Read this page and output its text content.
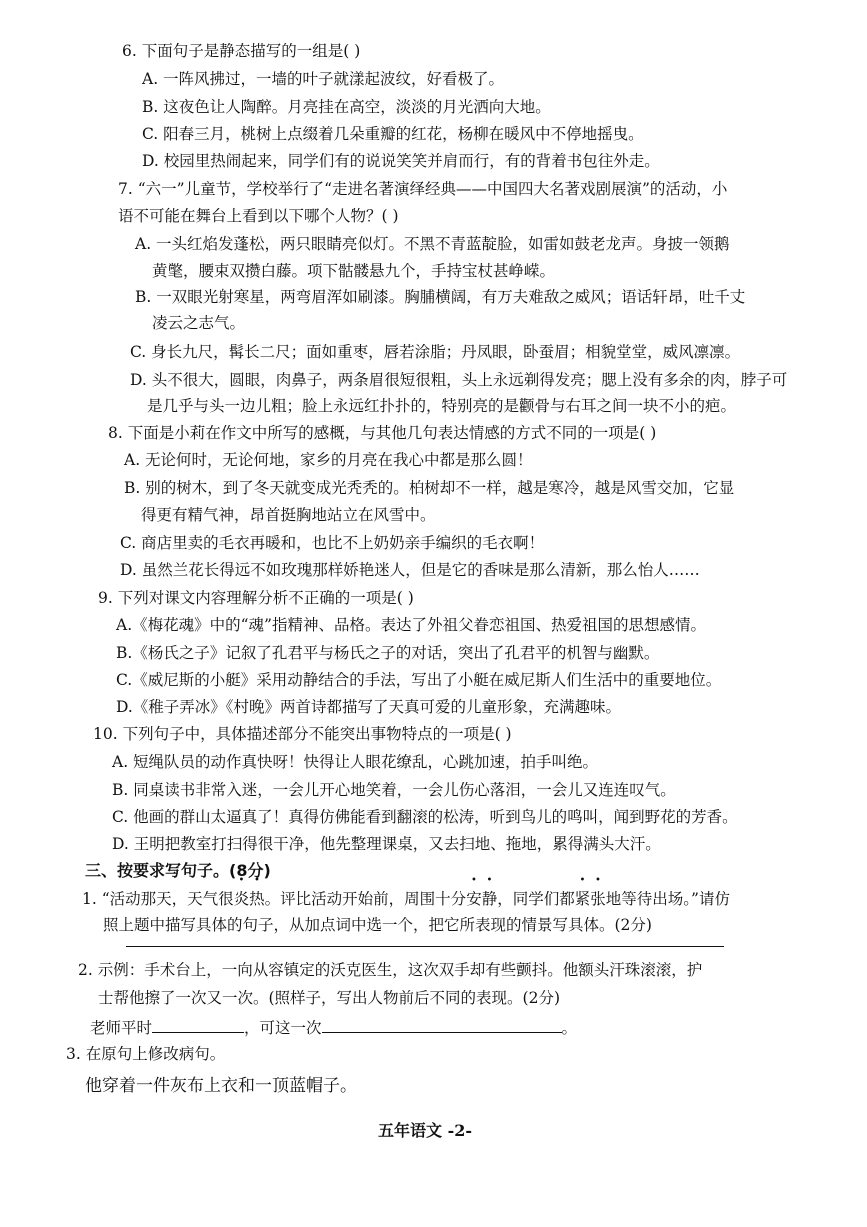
6. 下面句子是静态描写的一组是( )
A. 一阵风拂过，一墙的叶子就漾起波纹，好看极了。
B. 这夜色让人陶醉。月亮挂在高空，淡淡的月光洒向大地。
C. 阳春三月，桃树上点缀着几朵重瓣的红花，杨柳在暖风中不停地摇曳。
D. 校园里热闹起来，同学们有的说说笑笑并肩而行，有的背着书包往外走。
7. “六一”儿童节，学校举行了“走进名著演绎经典——中国四大名著戏剧展演”的活动，小
语不可能在舞台上看到以下哪个人物？( )
A. 一头红焰发蓬松，两只眼睛亮似灯。不黑不青蓝靛脸，如雷如鼓老龙声。身披一领鹅
黄氅，腰束双攒白藤。项下骷髅悬九个，手持宝杖甚峥嵘。
B. 一双眼光射寒星，两弯眉浑如刷漆。胸脯横阔，有万夫难敌之威风；语话轩昂，吐千丈
凌云之志气。
C. 身长九尺，髯长二尺；面如重枣，唇若涂脂；丹凤眼，卧蚕眉；相貌堂堂，威风凛凛。
D. 头不很大，圆眼，肉鼻子，两条眉很短很粗，头上永远剃得发亮；腮上没有多余的肉，脖子可
是几乎与头一边儿粗；脸上永远红扑扑的，特别亮的是颧骨与右耳之间一块不小的疤。
8. 下面是小莉在作文中所写的感概，与其他几句表达情感的方式不同的一项是( )
A. 无论何时，无论何地，家乡的月亮在我心中都是那么圆！
B. 别的树木，到了冬天就变成光秃秃的。柏树却不一样，越是寒冷，越是风雪交加，它显
得更有精气神，昂首挺胸地站立在风雪中。
C. 商店里卖的毛衣再暖和，也比不上奶奶亲手编织的毛衣啊！
D. 虽然兰花长得远不如玫瑰那样娇艳迷人，但是它的香味是那么清新，那么怡人……
9. 下列对课文内容理解分析不正确的一项是( )
A.《梅花魂》中的“魂”指精神、品格。表达了外祖父眷恋祖国、热爱祖国的思想感情。
B.《杨氏之子》记叙了孔君平与杨氏之子的对话，突出了孔君平的机智与幽默。
C.《威尼斯的小艇》采用动静结合的手法，写出了小艇在威尼斯人们生活中的重要地位。
D.《稚子弄冰》《村晚》两首诗都描写了天真可爱的儿童形象，充满趣味。
10. 下列句子中，具体描述部分不能突出事物特点的一项是( )
A. 短绳队员的动作真快呀！快得让人眼花缭乱，心跳加速，拍手叫绝。
B. 同桌读书非常入迷，一会儿开心地笑着，一会儿伤心落泪，一会儿又连连叹气。
C. 他画的群山太逼真了！真得仿佛能看到翻滚的松涛，听到鸟儿的鸣叫，闻到野花的芳香。
D. 王明把教室打扫得很干净，他先整理课桌，又去扫地、拖地，累得满头大汗。
三、按要求写句子。(8分)
1. “活动那天，天气很炎热。评比活动开始前，周围十分安静，同学们都紧张地等待出场。”请仿
照上题中描写具体的句子，从加点词中选一个，把它所表现的情景写具体。(2分)
2. 示例：手术台上，一向从容镇定的沃克医生，这次双手却有些颤抖。他额头汗珠滚滚，护
士帮他擦了一次又一次。(照样子，写出人物前后不同的表现。(2分)
老师平时	，可这一次	。
3. 在原句上修改病句。
他穿着一件灰布上衣和一顶蓝帽子。
五年语文 -2-
